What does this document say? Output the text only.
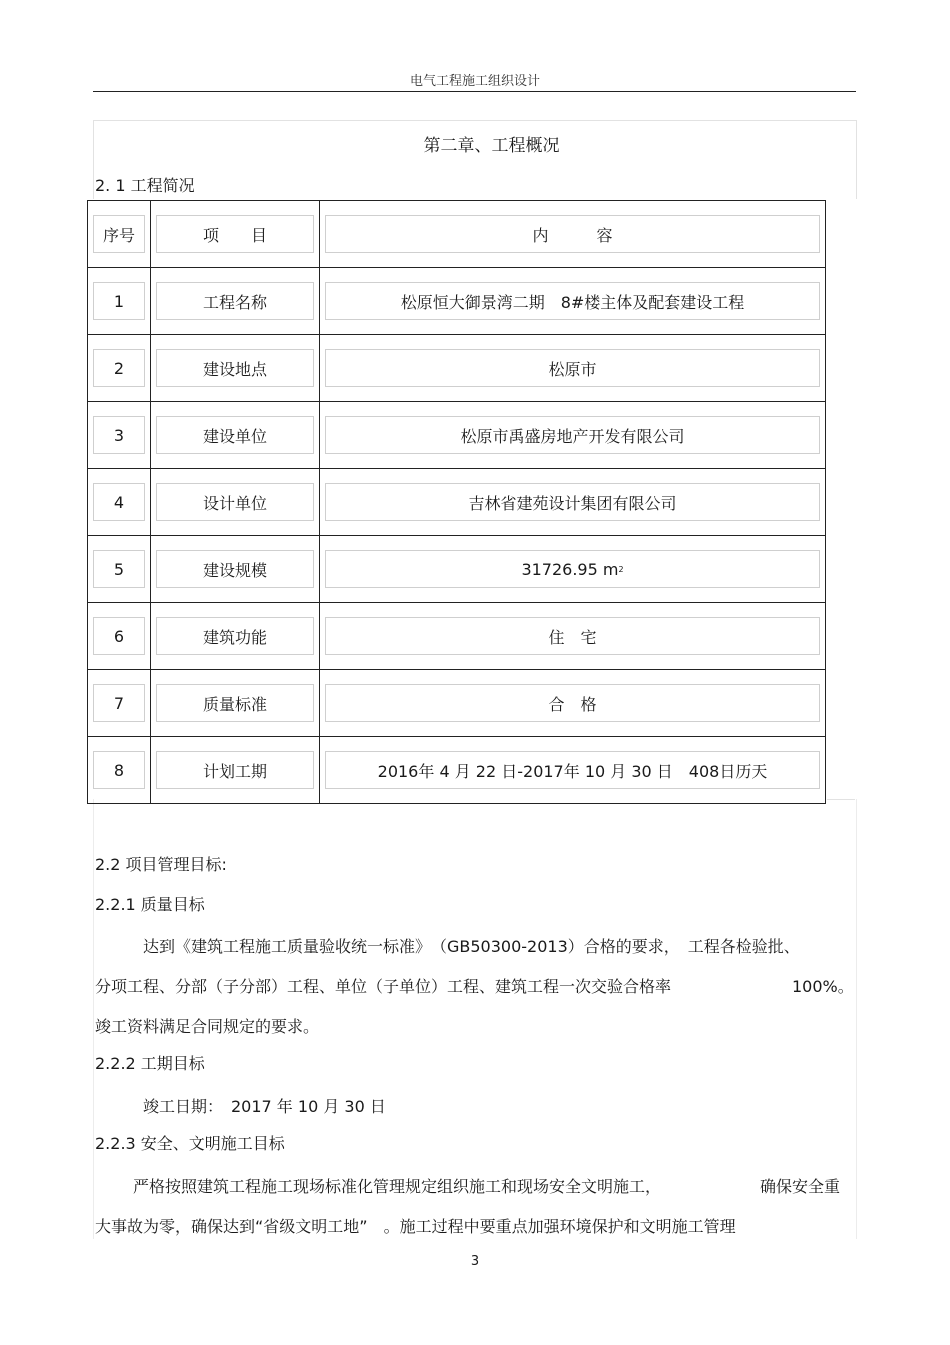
电气工程施工组织设计
第二章、工程概况
2. 1 工程简况
序号	项　　目	内　　　容

1	工程名称	松原恒大御景湾二期　8#楼主体及配套建设工程

2	建设地点	松原市

3	建设单位	松原市禹盛房地产开发有限公司

4	设计单位	吉林省建苑设计集团有限公司

5	建设规模	31726.95 m 2

6	建筑功能	住　宅

7	质量标准	合　格

8	计划工期	2016年 4 月 22 日-2017年 10 月 30 日　408日历天
2.2 项目管理目标:
2.2.1 质量目标
达到《建筑工程施工质量验收统一标准》　（GB50300-2013）合格的要求，　工程各检验批、
分项工程、分部（子分部）工程、单位（子单位）工程、建筑工程一次交验合格率	100%。
竣工资料满足合同规定的要求。
2.2.2 工期目标
竣工日期：　2017 年 10 月 30 日
2.2.3 安全、文明施工目标
严格按照建筑工程施工现场标准化管理规定组织施工和现场安全文明施工，	确保安全重
大事故为零，确保达到“省级文明工地”　。施工过程中要重点加强环境保护和文明施工管理
3
